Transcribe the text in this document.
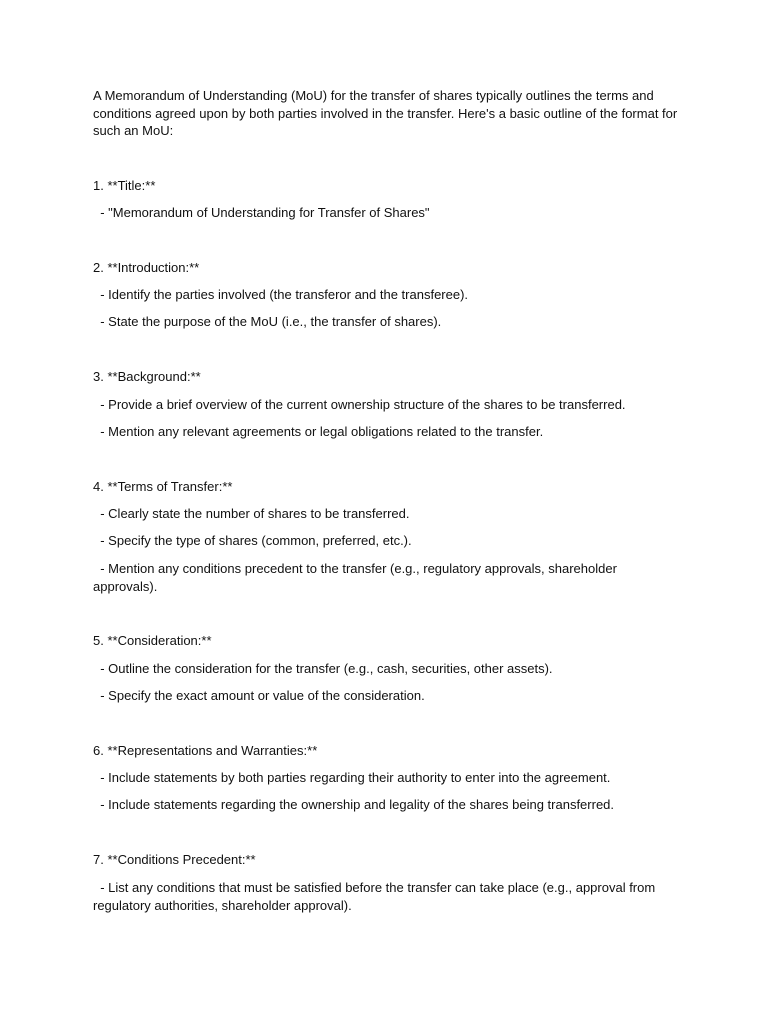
A Memorandum of Understanding (MoU) for the transfer of shares typically outlines the terms and conditions agreed upon by both parties involved in the transfer. Here's a basic outline of the format for such an MoU:

1. **Title:**

- "Memorandum of Understanding for Transfer of Shares"

2. **Introduction:**

- Identify the parties involved (the transferor and the transferee).

- State the purpose of the MoU (i.e., the transfer of shares).

3. **Background:**

- Provide a brief overview of the current ownership structure of the shares to be transferred.

- Mention any relevant agreements or legal obligations related to the transfer.

4. **Terms of Transfer:**

- Clearly state the number of shares to be transferred.

- Specify the type of shares (common, preferred, etc.).

- Mention any conditions precedent to the transfer (e.g., regulatory approvals, shareholder approvals).

5. **Consideration:**

- Outline the consideration for the transfer (e.g., cash, securities, other assets).

- Specify the exact amount or value of the consideration.

6. **Representations and Warranties:**

- Include statements by both parties regarding their authority to enter into the agreement.

- Include statements regarding the ownership and legality of the shares being transferred.

7. **Conditions Precedent:**

- List any conditions that must be satisfied before the transfer can take place (e.g., approval from regulatory authorities, shareholder approval).
